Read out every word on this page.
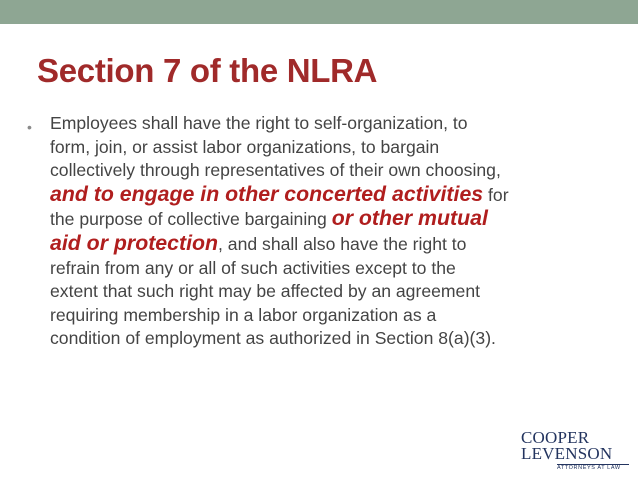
Section 7 of the NLRA
• Employees shall have the right to self-organization, to
form, join, or assist labor organizations, to bargain
collectively through representatives of their own choosing,
and to engage in other concerted activities for
the purpose of collective bargaining or other mutual
aid or protection, and shall also have the right to
refrain from any or all of such activities except to the
extent that such right may be affected by an agreement
requiring membership in a labor organization as a
condition of employment as authorized in Section 8(a)(3).

COOPER
LEVENSON
ATTORNEYS AT LAW
